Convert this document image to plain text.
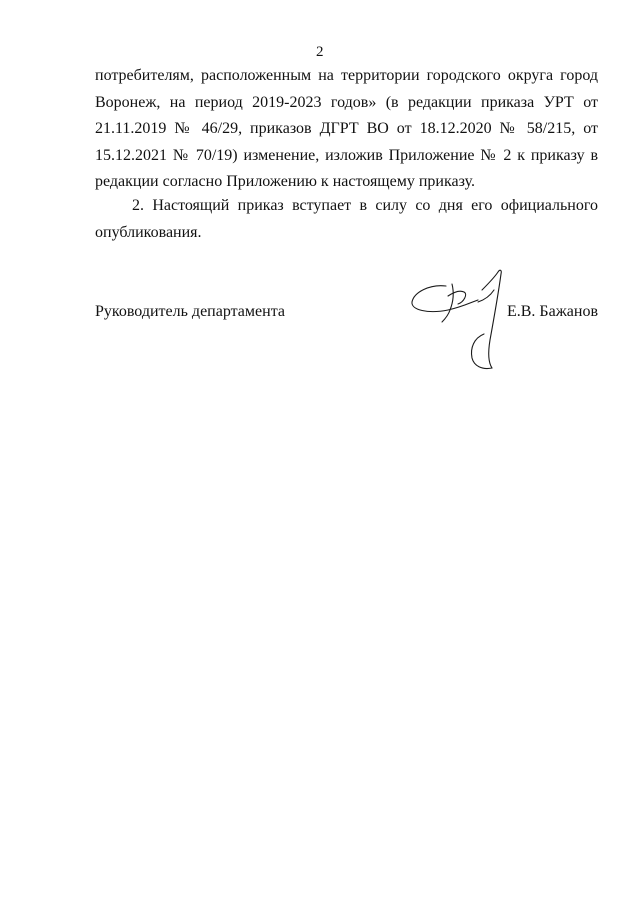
2

потребителям, расположенным на территории городского округа город Воронеж, на период 2019-2023 годов» (в редакции приказа УРТ от 21.11.2019 № 46/29, приказов ДГРТ ВО от 18.12.2020 № 58/215, от 15.12.2021 № 70/19) изменение, изложив Приложение № 2 к приказу в редакции согласно Приложению к настоящему приказу.

2. Настоящий приказ вступает в силу со дня его официального опубликования.

Руководитель департамента	Е.В. Бажанов
